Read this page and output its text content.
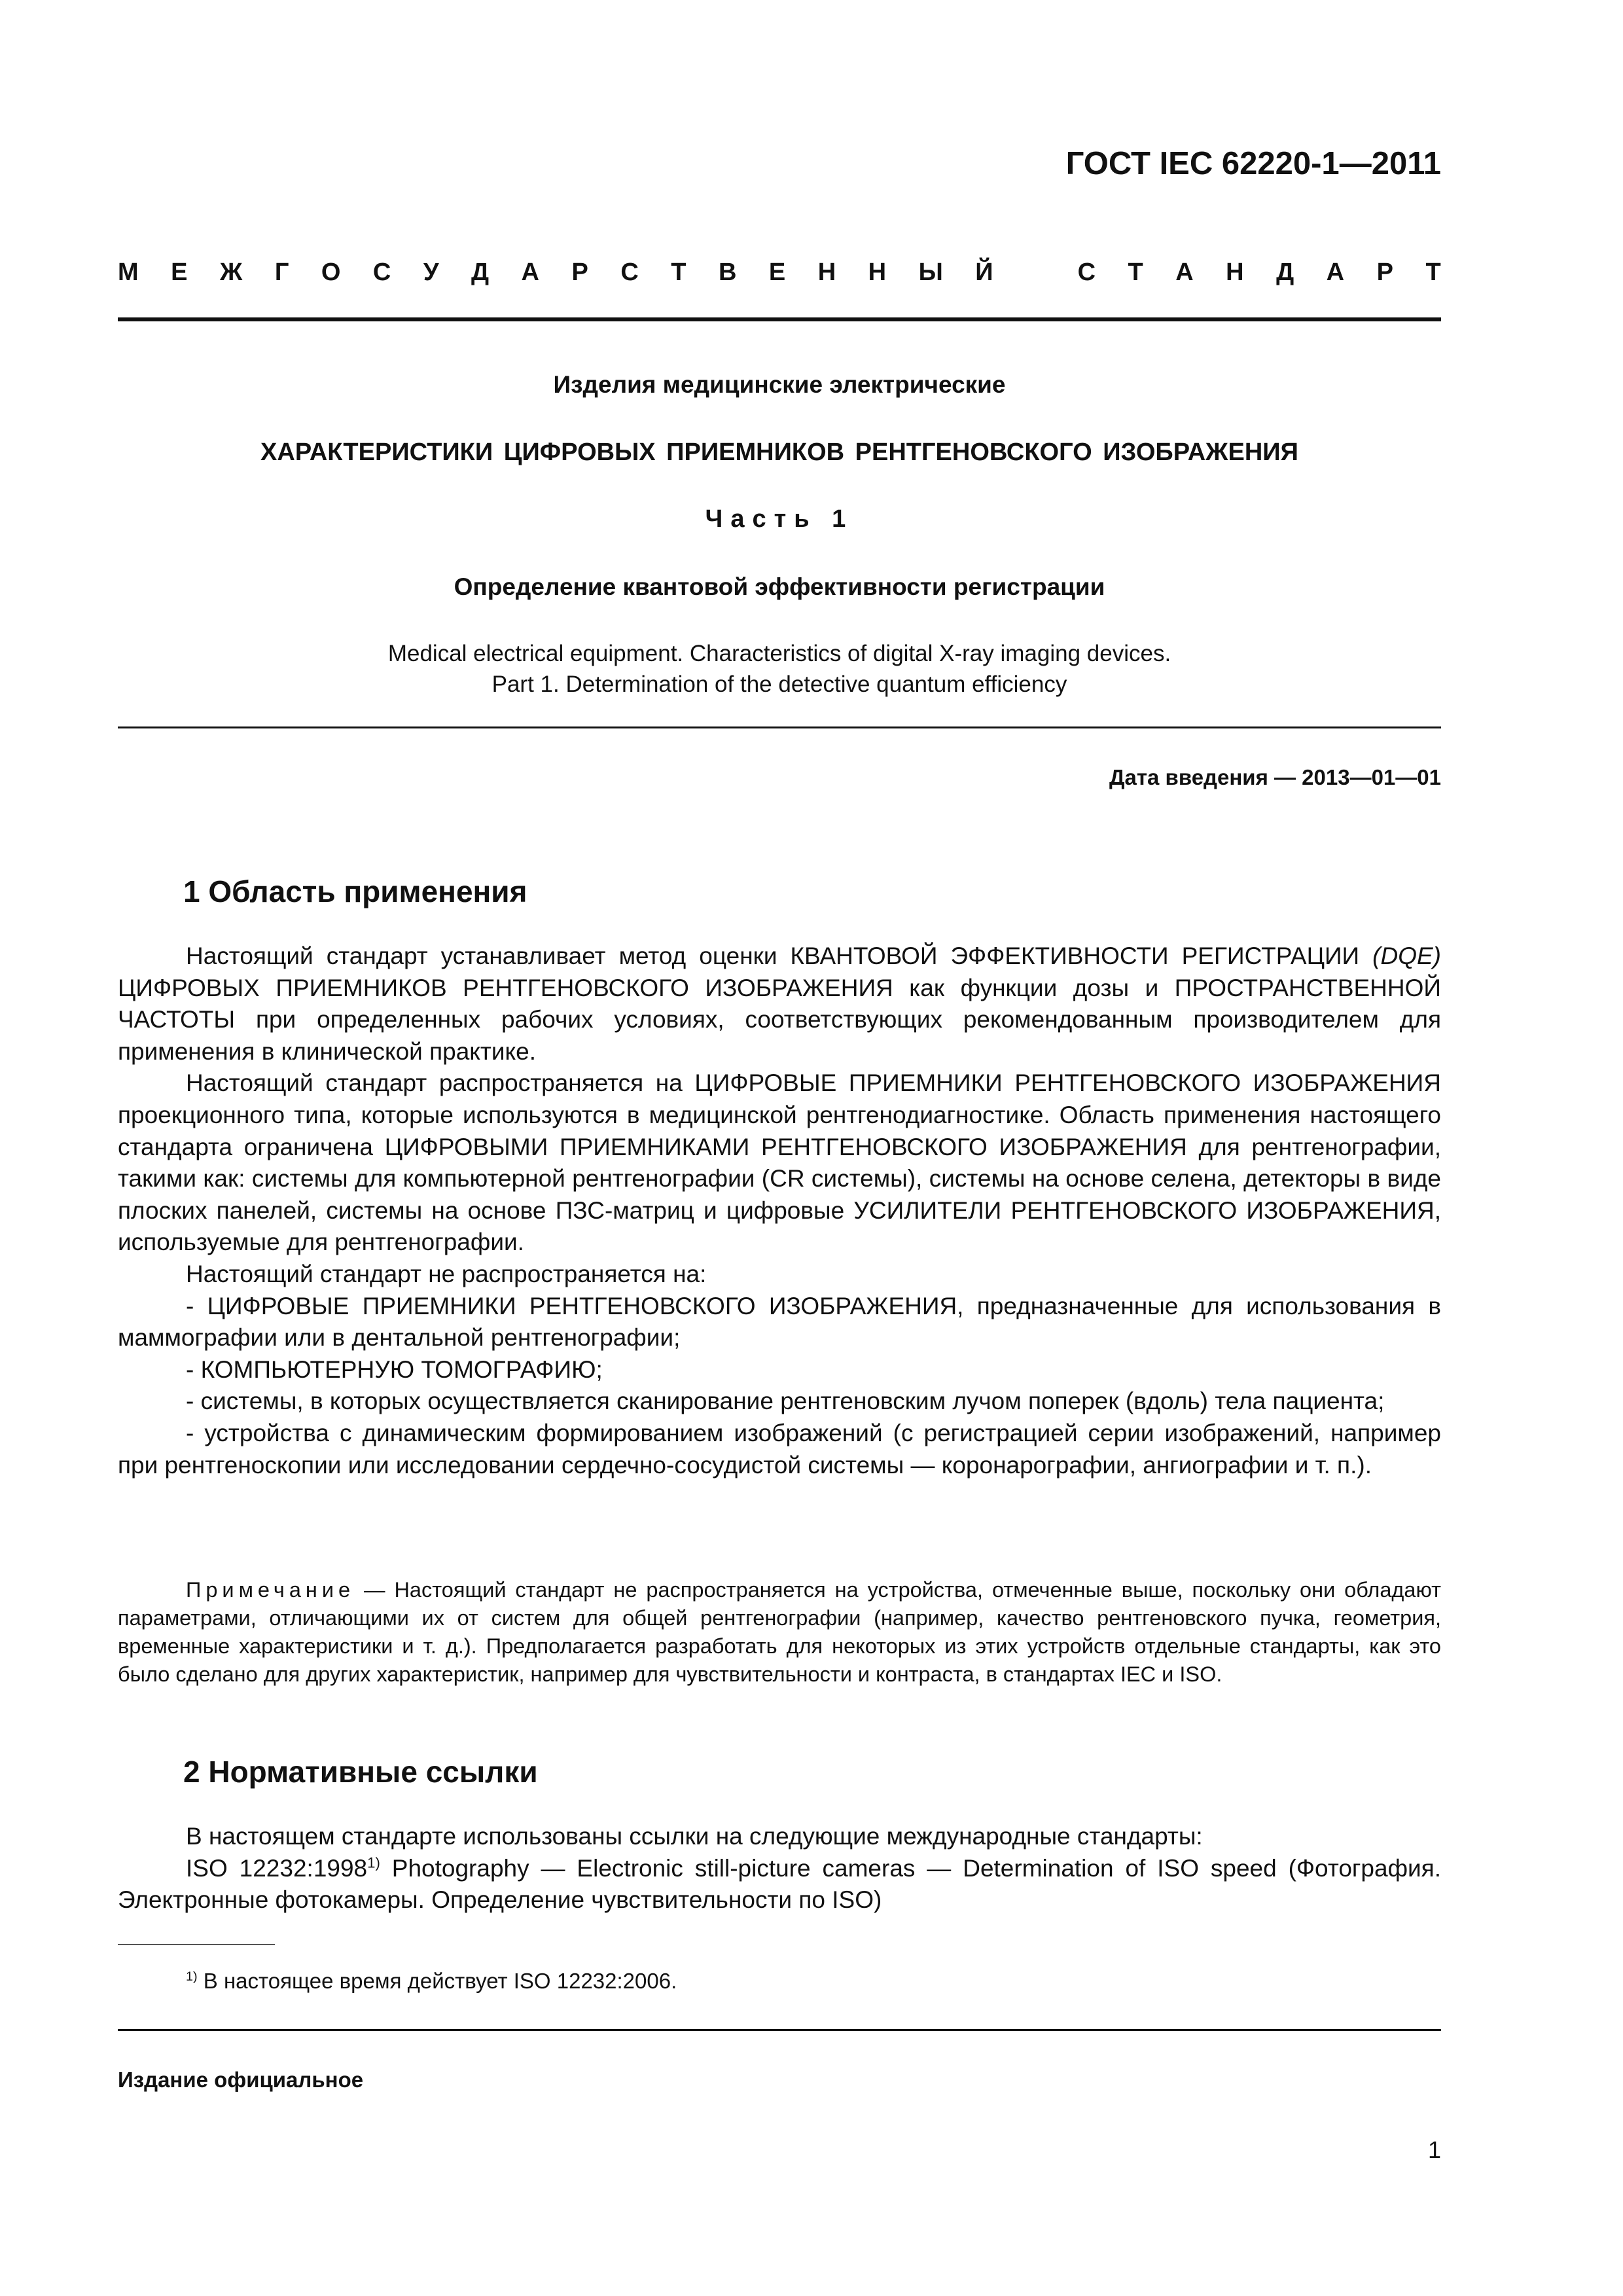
ГОСТ IEC 62220-1—2011
М Е Ж Г О С У Д А Р С Т В Е Н Н Ы Й	С Т А Н Д А Р Т
Изделия медицинские электрические
ХАРАКТЕРИСТИКИ ЦИФРОВЫХ ПРИЕМНИКОВ РЕНТГЕНОВСКОГО ИЗОБРАЖЕНИЯ
Часть 1
Определение квантовой эффективности регистрации
Medical electrical equipment. Characteristics of digital X-ray imaging devices.
Part 1. Determination of the detective quantum efficiency
Дата введения — 2013—01—01
1 Область применения

Настоящий стандарт устанавливает метод оценки КВАНТОВОЙ ЭФФЕКТИВНОСТИ РЕГИСТРАЦИИ (DQE) ЦИФРОВЫХ ПРИЕМНИКОВ РЕНТГЕНОВСКОГО ИЗОБРАЖЕНИЯ как функции дозы и ПРОСТРАНСТВЕННОЙ ЧАСТОТЫ при определенных рабочих условиях, соответствующих рекомендованным производителем для применения в клинической практике.

Настоящий стандарт распространяется на ЦИФРОВЫЕ ПРИЕМНИКИ РЕНТГЕНОВСКОГО ИЗОБРАЖЕНИЯ проекционного типа, которые используются в медицинской рентгенодиагностике. Область применения настоящего стандарта ограничена ЦИФРОВЫМИ ПРИЕМНИКАМИ РЕНТГЕНОВСКОГО ИЗОБРАЖЕНИЯ для рентгенографии, такими как: системы для компьютерной рентгенографии (CR системы), системы на основе селена, детекторы в виде плоских панелей, системы на основе ПЗС-матриц и цифровые УСИЛИТЕЛИ РЕНТГЕНОВСКОГО ИЗОБРАЖЕНИЯ, используемые для рентгенографии.

Настоящий стандарт не распространяется на:

- ЦИФРОВЫЕ ПРИЕМНИКИ РЕНТГЕНОВСКОГО ИЗОБРАЖЕНИЯ, предназначенные для использования в маммографии или в дентальной рентгенографии;

- КОМПЬЮТЕРНУЮ ТОМОГРАФИЮ;

- системы, в которых осуществляется сканирование рентгеновским лучом поперек (вдоль) тела пациента;

- устройства с динамическим формированием изображений (с регистрацией серии изображений, например при рентгеноскопии или исследовании сердечно-сосудистой системы — коронарографии, ангиографии и т. п.).

Примечание — Настоящий стандарт не распространяется на устройства, отмеченные выше, поскольку они обладают параметрами, отличающими их от систем для общей рентгенографии (например, качество рентгеновского пучка, геометрия, временные характеристики и т. д.). Предполагается разработать для некоторых из этих устройств отдельные стандарты, как это было сделано для других характеристик, например для чувствительности и контраста, в стандартах IEC и ISO.

2 Нормативные ссылки

В настоящем стандарте использованы ссылки на следующие международные стандарты:

ISO 12232:1998$^{1)}$ Photography — Electronic still-picture cameras — Determination of ISO speed (Фотография. Электронные фотокамеры. Определение чувствительности по ISO)

$^{1)}$ В настоящее время действует ISO 12232:2006.
Издание официальное
1
